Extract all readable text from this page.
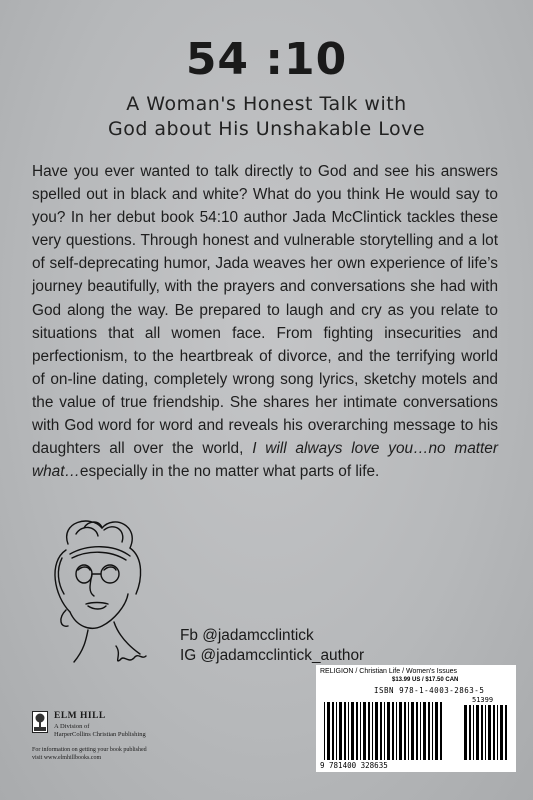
54 :10
A Woman's Honest Talk with
God about His Unshakable Love
Have you ever wanted to talk directly to God and see his answers spelled out in black and white? What do you think He would say to you? In her debut book 54:10 author Jada McClintick tackles these very questions. Through honest and vulnerable storytelling and a lot of self-deprecating humor, Jada weaves her own experience of life’s journey beautifully, with the prayers and conversations she had with God along the way. Be prepared to laugh and cry as you relate to situations that all women face. From fighting insecurities and perfectionism, to the heartbreak of divorce, and the terrifying world of on-line dating, completely wrong song lyrics, sketchy motels and the value of true friendship. She shares her intimate conversations with God word for word and reveals his overarching message to his daughters all over the world, I will always love you…no matter what…especially in the no matter what parts of life.
Fb @jadamcclintick
IG @jadamcclintick_author
ELM HILL
A Division of
HarperCollins Christian Publishing
For information on getting your book published
visit www.elmhillbooks.com
RELIGION / Christian Life / Women's Issues
$13.99 US / $17.50 CAN
ISBN 978-1-4003-2863-5
51399
9 781400 328635
